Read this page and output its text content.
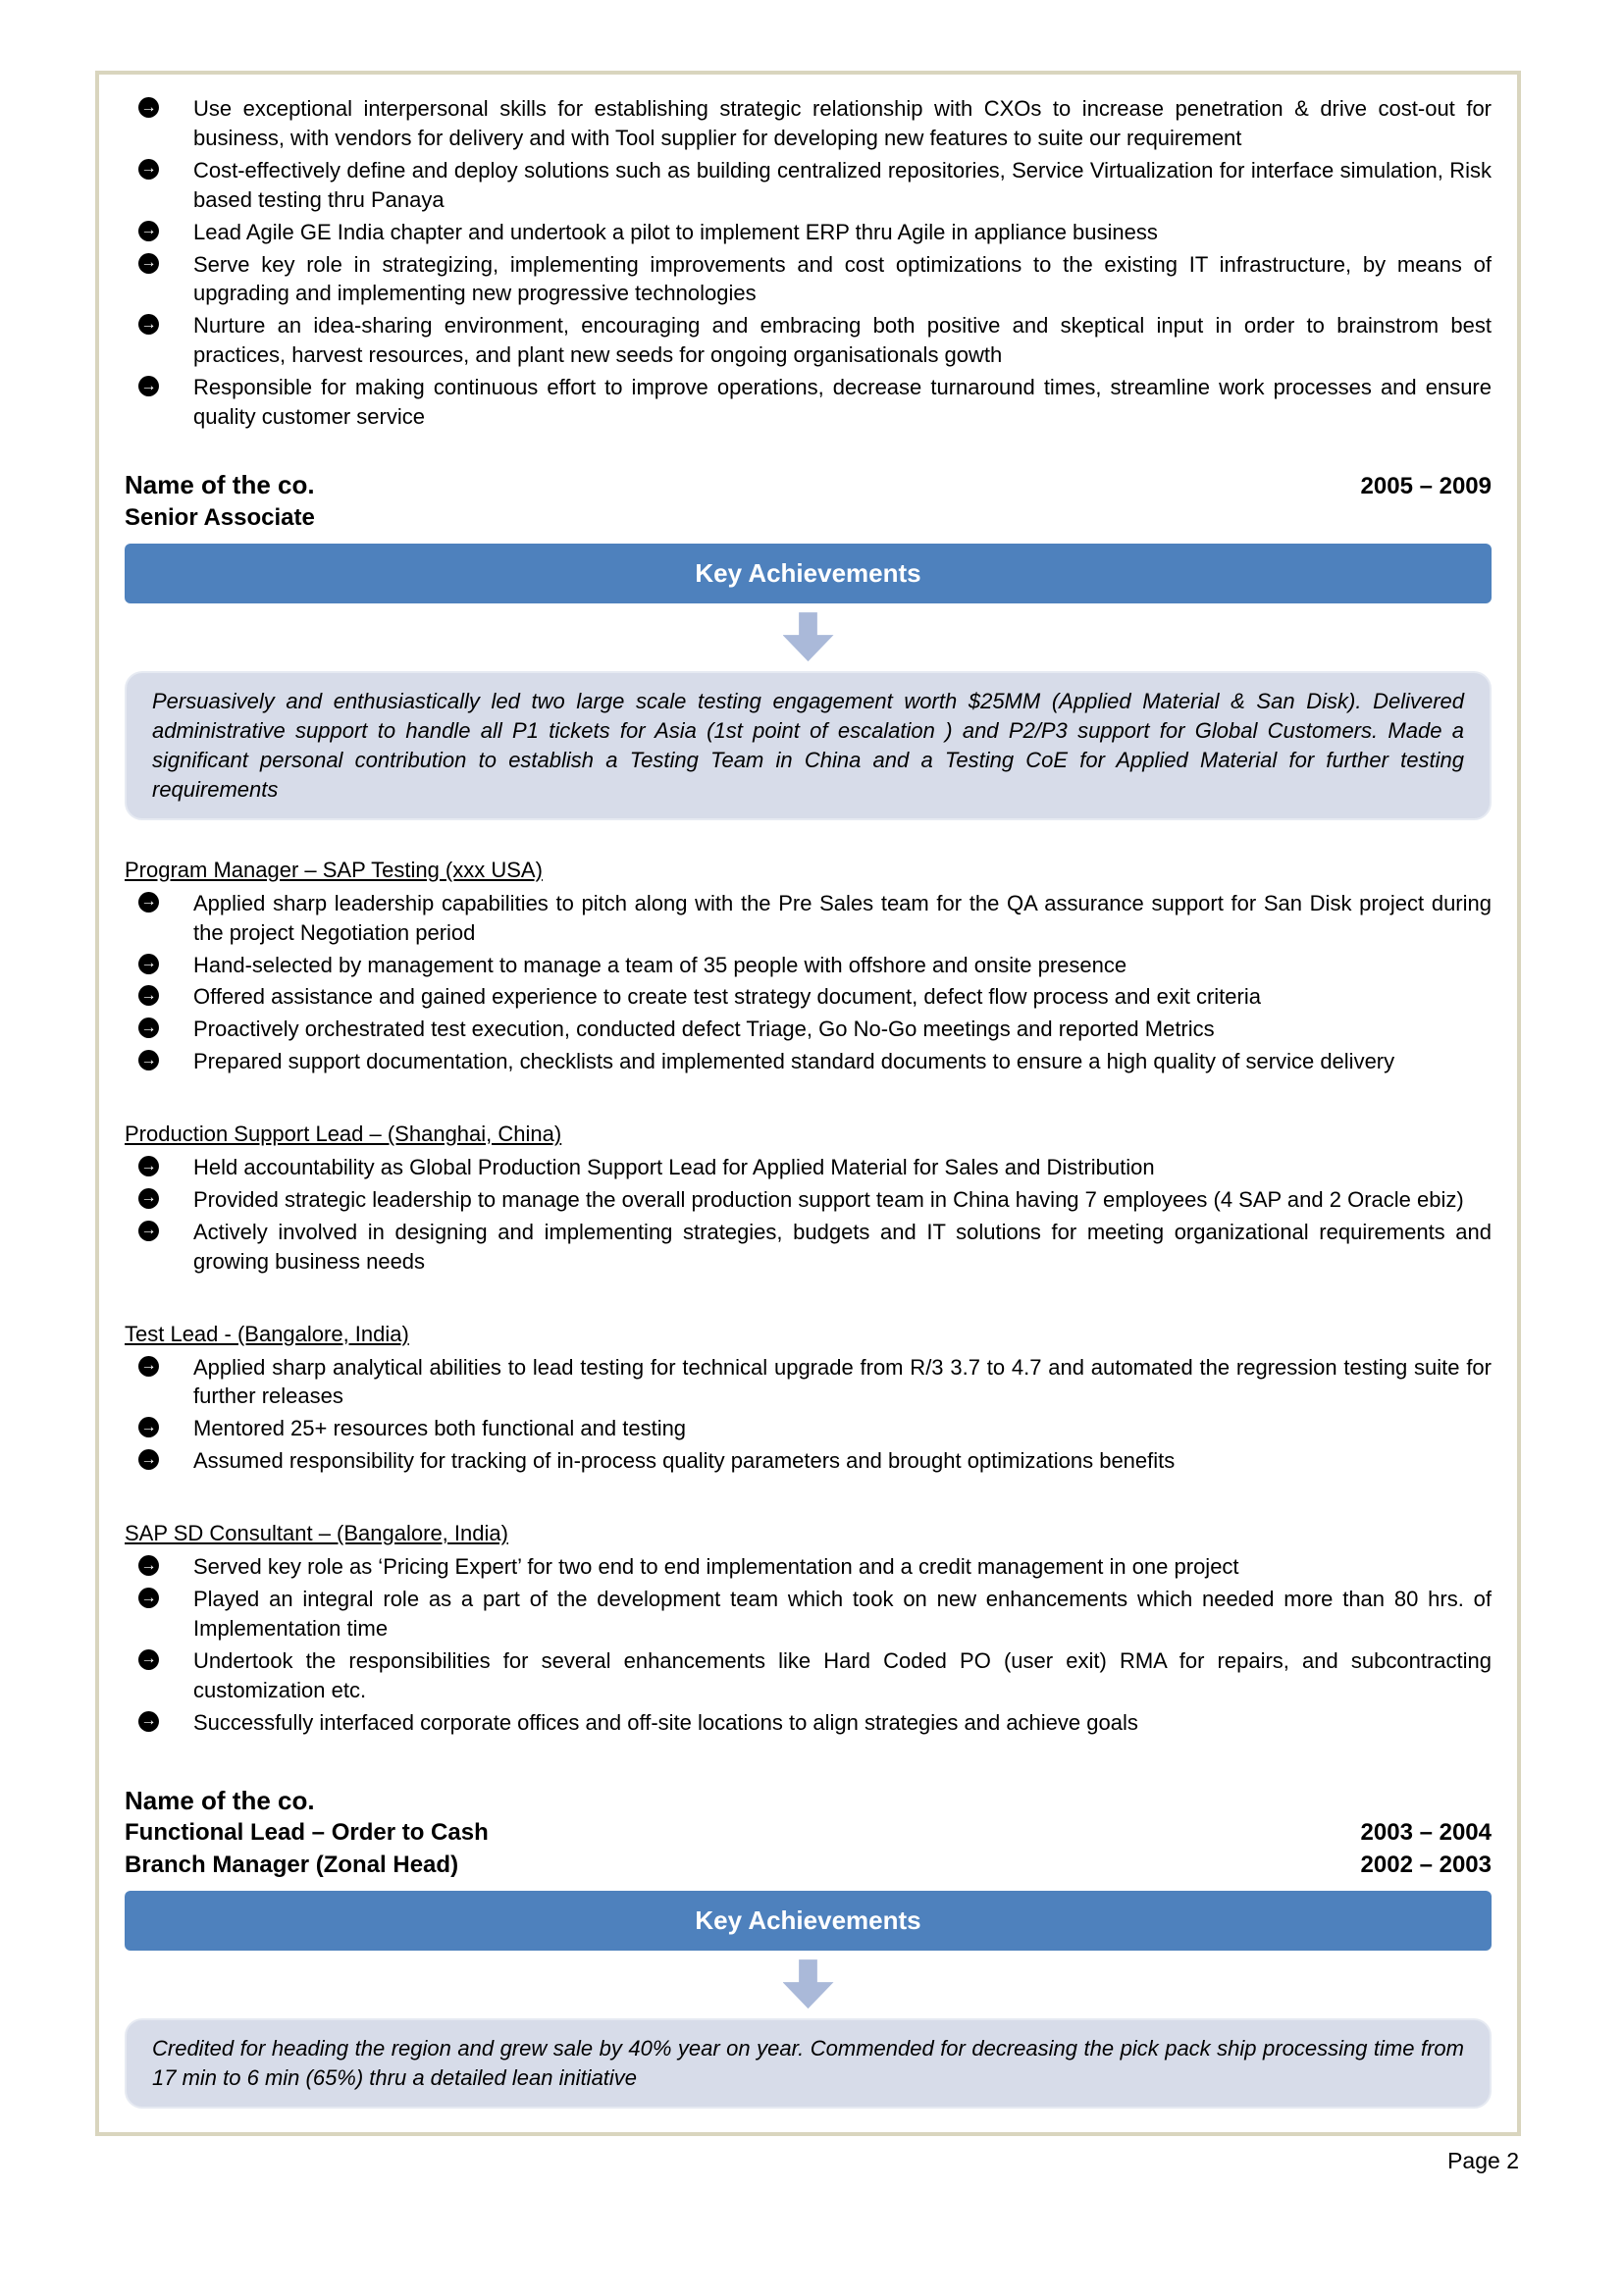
→ Use exceptional interpersonal skills for establishing strategic relationship with CXOs to increase penetration & drive cost-out for business, with vendors for delivery and with Tool supplier for developing new features to suite our requirement
→ Cost-effectively define and deploy solutions such as building centralized repositories, Service Virtualization for interface simulation, Risk based testing thru Panaya
→ Lead Agile GE India chapter and undertook a pilot to implement ERP thru Agile in appliance business
→ Serve key role in strategizing, implementing improvements and cost optimizations to the existing IT infrastructure, by means of upgrading and implementing new progressive technologies
→ Nurture an idea-sharing environment, encouraging and embracing both positive and skeptical input in order to brainstrom best practices, harvest resources, and plant new seeds for ongoing organisationals gowth
→ Responsible for making continuous effort to improve operations, decrease turnaround times, streamline work processes and ensure quality customer service
Name of the co.	2005 – 2009
Senior Associate
Key Achievements

Persuasively and enthusiastically led two large scale testing engagement worth $25MM (Applied Material & San Disk). Delivered administrative support to handle all P1 tickets for Asia (1st point of escalation ) and P2/P3 support for Global Customers. Made a significant personal contribution to establish a Testing Team in China and a Testing CoE for Applied Material for further testing requirements

Program Manager – SAP Testing (xxx USA)
→ Applied sharp leadership capabilities to pitch along with the Pre Sales team for the QA assurance support for San Disk project during the project Negotiation period
→ Hand-selected by management to manage a team of 35 people with offshore and onsite presence
→ Offered assistance and gained experience to create test strategy document, defect flow process and exit criteria
→ Proactively orchestrated test execution, conducted defect Triage, Go No-Go meetings and reported Metrics
→ Prepared support documentation, checklists and implemented standard documents to ensure a high quality of service delivery
Production Support Lead – (Shanghai, China)
→ Held accountability as Global Production Support Lead for Applied Material for Sales and Distribution
→ Provided strategic leadership to manage the overall production support team in China having 7 employees (4 SAP and 2 Oracle ebiz)
→ Actively involved in designing and implementing strategies, budgets and IT solutions for meeting organizational requirements and growing business needs
Test Lead - (Bangalore, India)
→ Applied sharp analytical abilities to lead testing for technical upgrade from R/3 3.7 to 4.7 and automated the regression testing suite for further releases
→ Mentored 25+ resources both functional and testing
→ Assumed responsibility for tracking of in-process quality parameters and brought optimizations benefits
SAP SD Consultant – (Bangalore, India)
→ Served key role as ‘Pricing Expert’ for two end to end implementation and a credit management in one project
→ Played an integral role as a part of the development team which took on new enhancements which needed more than 80 hrs. of Implementation time
→ Undertook the responsibilities for several enhancements like Hard Coded PO (user exit) RMA for repairs, and subcontracting customization etc.
→ Successfully interfaced corporate offices and off-site locations to align strategies and achieve goals
Name of the co.
Functional Lead – Order to Cash	2003 – 2004
Branch Manager (Zonal Head)	2002 – 2003
Key Achievements

Credited for heading the region and grew sale by 40% year on year. Commended for decreasing the pick pack ship processing time from 17 min to 6 min (65%) thru a detailed lean initiative

Page 2
